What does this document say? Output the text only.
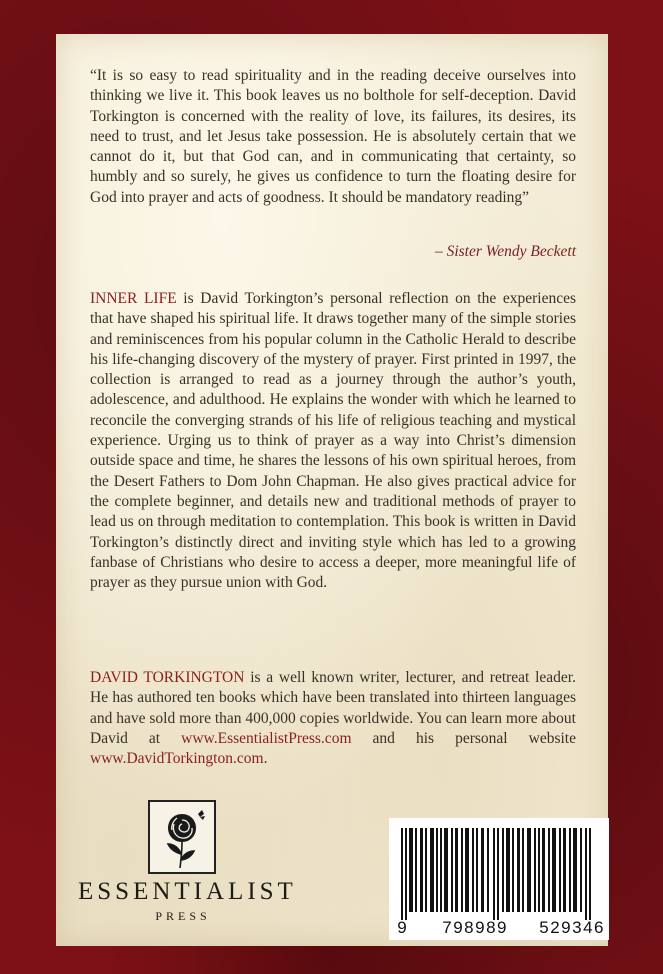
“It is so easy to read spirituality and in the reading deceive ourselves into thinking we live it. This book leaves us no bolthole for self-deception. David Torkington is concerned with the reality of love, its failures, its desires, its need to trust, and let Jesus take possession. He is absolutely certain that we cannot do it, but that God can, and in communicating that certainty, so humbly and so surely, he gives us confidence to turn the floating desire for God into prayer and acts of goodness. It should be mandatory reading”
– Sister Wendy Beckett
INNER LIFE is David Torkington’s personal reflection on the experiences that have shaped his spiritual life. It draws together many of the simple stories and reminiscences from his popular column in the Catholic Herald to describe his life-changing discovery of the mystery of prayer. First printed in 1997, the collection is arranged to read as a journey through the author’s youth, adolescence, and adulthood. He explains the wonder with which he learned to reconcile the converging strands of his life of religious teaching and mystical experience. Urging us to think of prayer as a way into Christ’s dimension outside space and time, he shares the lessons of his own spiritual heroes, from the Desert Fathers to Dom John Chapman. He also gives practical advice for the complete beginner, and details new and traditional methods of prayer to lead us on through meditation to contemplation. This book is written in David Torkington’s distinctly direct and inviting style which has led to a growing fanbase of Christians who desire to access a deeper, more meaningful life of prayer as they pursue union with God.
DAVID TORKINGTON is a well known writer, lecturer, and retreat leader. He has authored ten books which have been translated into thirteen languages and have sold more than 400,000 copies worldwide. You can learn more about David at www.EssentialistPress.com and his personal website www.DavidTorkington.com.
ESSENTIALIST
PRESS
9 798989 529346
